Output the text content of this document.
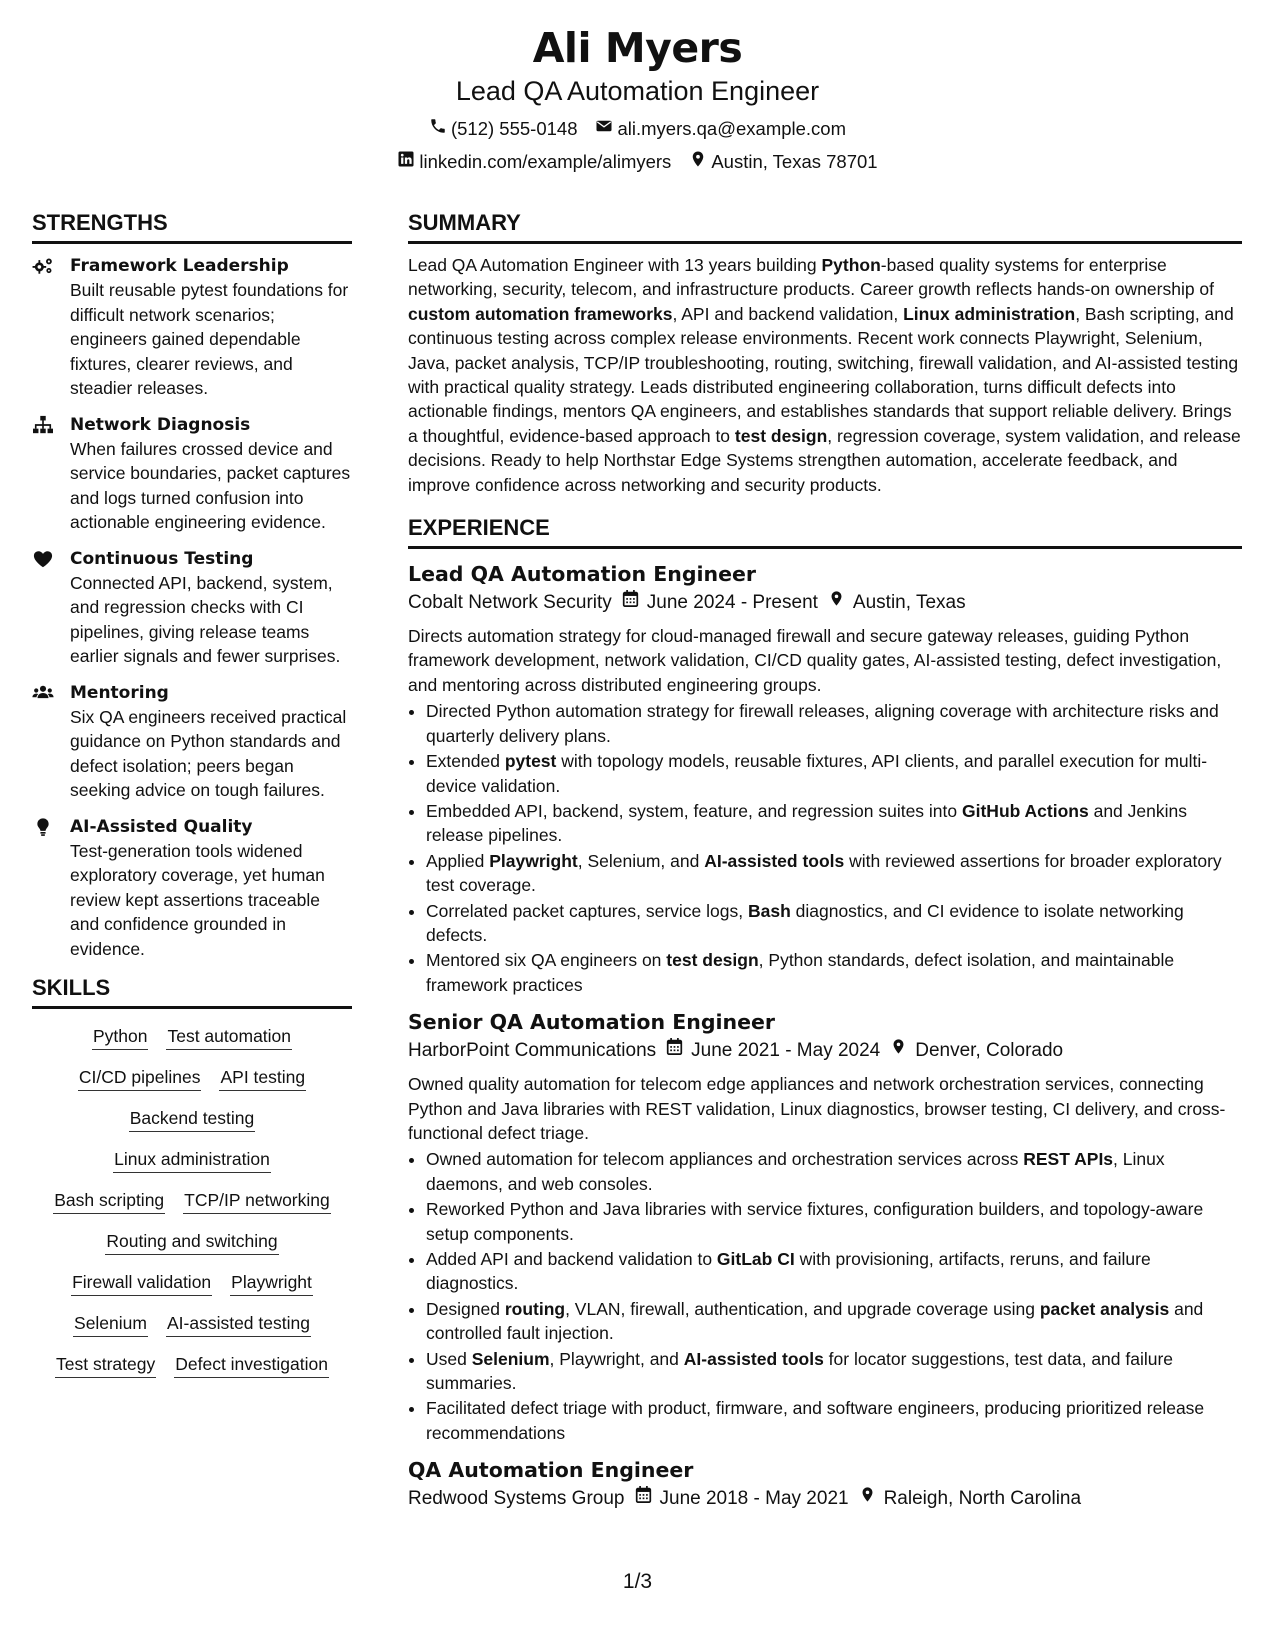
Ali Myers
Lead QA Automation Engineer
(512) 555-0148 ali.myers.qa@example.com
linkedin.com/example/alimyers Austin, Texas 78701
STRENGTHS
Framework Leadership
Built reusable pytest foundations for difficult network scenarios; engineers gained dependable fixtures, clearer reviews, and steadier releases.
Network Diagnosis
When failures crossed device and service boundaries, packet captures and logs turned confusion into actionable engineering evidence.
Continuous Testing
Connected API, backend, system, and regression checks with CI pipelines, giving release teams earlier signals and fewer surprises.
Mentoring
Six QA engineers received practical guidance on Python standards and defect isolation; peers began seeking advice on tough failures.
AI-Assisted Quality
Test-generation tools widened exploratory coverage, yet human review kept assertions traceable and confidence grounded in evidence.
SKILLS
Python Test automation
CI/CD pipelines API testing
Backend testing
Linux administration
Bash scripting TCP/IP networking
Routing and switching
Firewall validation Playwright
Selenium AI-assisted testing
Test strategy Defect investigation
SUMMARY
Lead QA Automation Engineer with 13 years building Python-based quality systems for enterprise networking, security, telecom, and infrastructure products. Career growth reflects hands-on ownership of custom automation frameworks, API and backend validation, Linux administration, Bash scripting, and continuous testing across complex release environments. Recent work connects Playwright, Selenium, Java, packet analysis, TCP/IP troubleshooting, routing, switching, firewall validation, and AI-assisted testing with practical quality strategy. Leads distributed engineering collaboration, turns difficult defects into actionable findings, mentors QA engineers, and establishes standards that support reliable delivery. Brings a thoughtful, evidence-based approach to test design, regression coverage, system validation, and release decisions. Ready to help Northstar Edge Systems strengthen automation, accelerate feedback, and improve confidence across networking and security products.
EXPERIENCE
Lead QA Automation Engineer
Cobalt Network Security June 2024 - Present Austin, Texas
Directs automation strategy for cloud-managed firewall and secure gateway releases, guiding Python framework development, network validation, CI/CD quality gates, AI-assisted testing, defect investigation, and mentoring across distributed engineering groups.
• Directed Python automation strategy for firewall releases, aligning coverage with architecture risks and quarterly delivery plans.
• Extended pytest with topology models, reusable fixtures, API clients, and parallel execution for multi-device validation.
• Embedded API, backend, system, feature, and regression suites into GitHub Actions and Jenkins release pipelines.
• Applied Playwright, Selenium, and AI-assisted tools with reviewed assertions for broader exploratory test coverage.
• Correlated packet captures, service logs, Bash diagnostics, and CI evidence to isolate networking defects.
• Mentored six QA engineers on test design, Python standards, defect isolation, and maintainable framework practices
Senior QA Automation Engineer
HarborPoint Communications June 2021 - May 2024 Denver, Colorado
Owned quality automation for telecom edge appliances and network orchestration services, connecting Python and Java libraries with REST validation, Linux diagnostics, browser testing, CI delivery, and cross-functional defect triage.
• Owned automation for telecom appliances and orchestration services across REST APIs, Linux daemons, and web consoles.
• Reworked Python and Java libraries with service fixtures, configuration builders, and topology-aware setup components.
• Added API and backend validation to GitLab CI with provisioning, artifacts, reruns, and failure diagnostics.
• Designed routing, VLAN, firewall, authentication, and upgrade coverage using packet analysis and controlled fault injection.
• Used Selenium, Playwright, and AI-assisted tools for locator suggestions, test data, and failure summaries.
• Facilitated defect triage with product, firmware, and software engineers, producing prioritized release recommendations
QA Automation Engineer
Redwood Systems Group June 2018 - May 2021 Raleigh, North Carolina
1/3
